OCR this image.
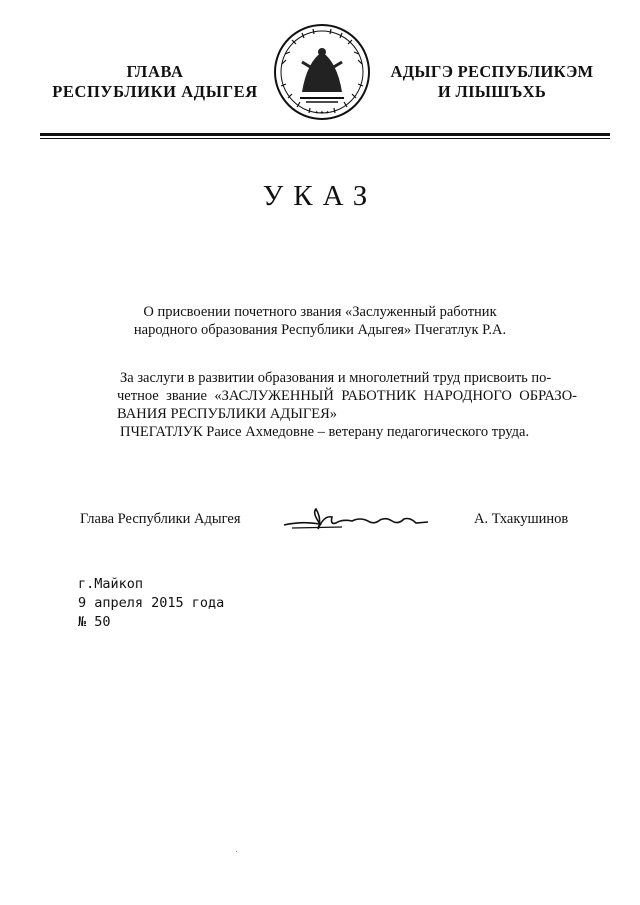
ГЛАВА
РЕСПУБЛИКИ АДЫГЕЯ
✦ ✦ ✦
АДЫГЭ РЕСПУБЛИКЭМ
И ЛІЫШЪХЬ
УКАЗ
О присвоении почетного звания «Заслуженный работник
народного образования Республики Адыгея» Пчегатлук Р.А.
За заслуги в развитии образования и многолетний труд присвоить по-
четное звание «ЗАСЛУЖЕННЫЙ РАБОТНИК НАРОДНОГО ОБРАЗО-
ВАНИЯ РЕСПУБЛИКИ АДЫГЕЯ»
ПЧЕГАТЛУК Раисе Ахмедовне – ветерану педагогического труда.
Глава Республики Адыгея	А. Тхакушинов
г.Майкоп
9 апреля 2015 года
№ 50
